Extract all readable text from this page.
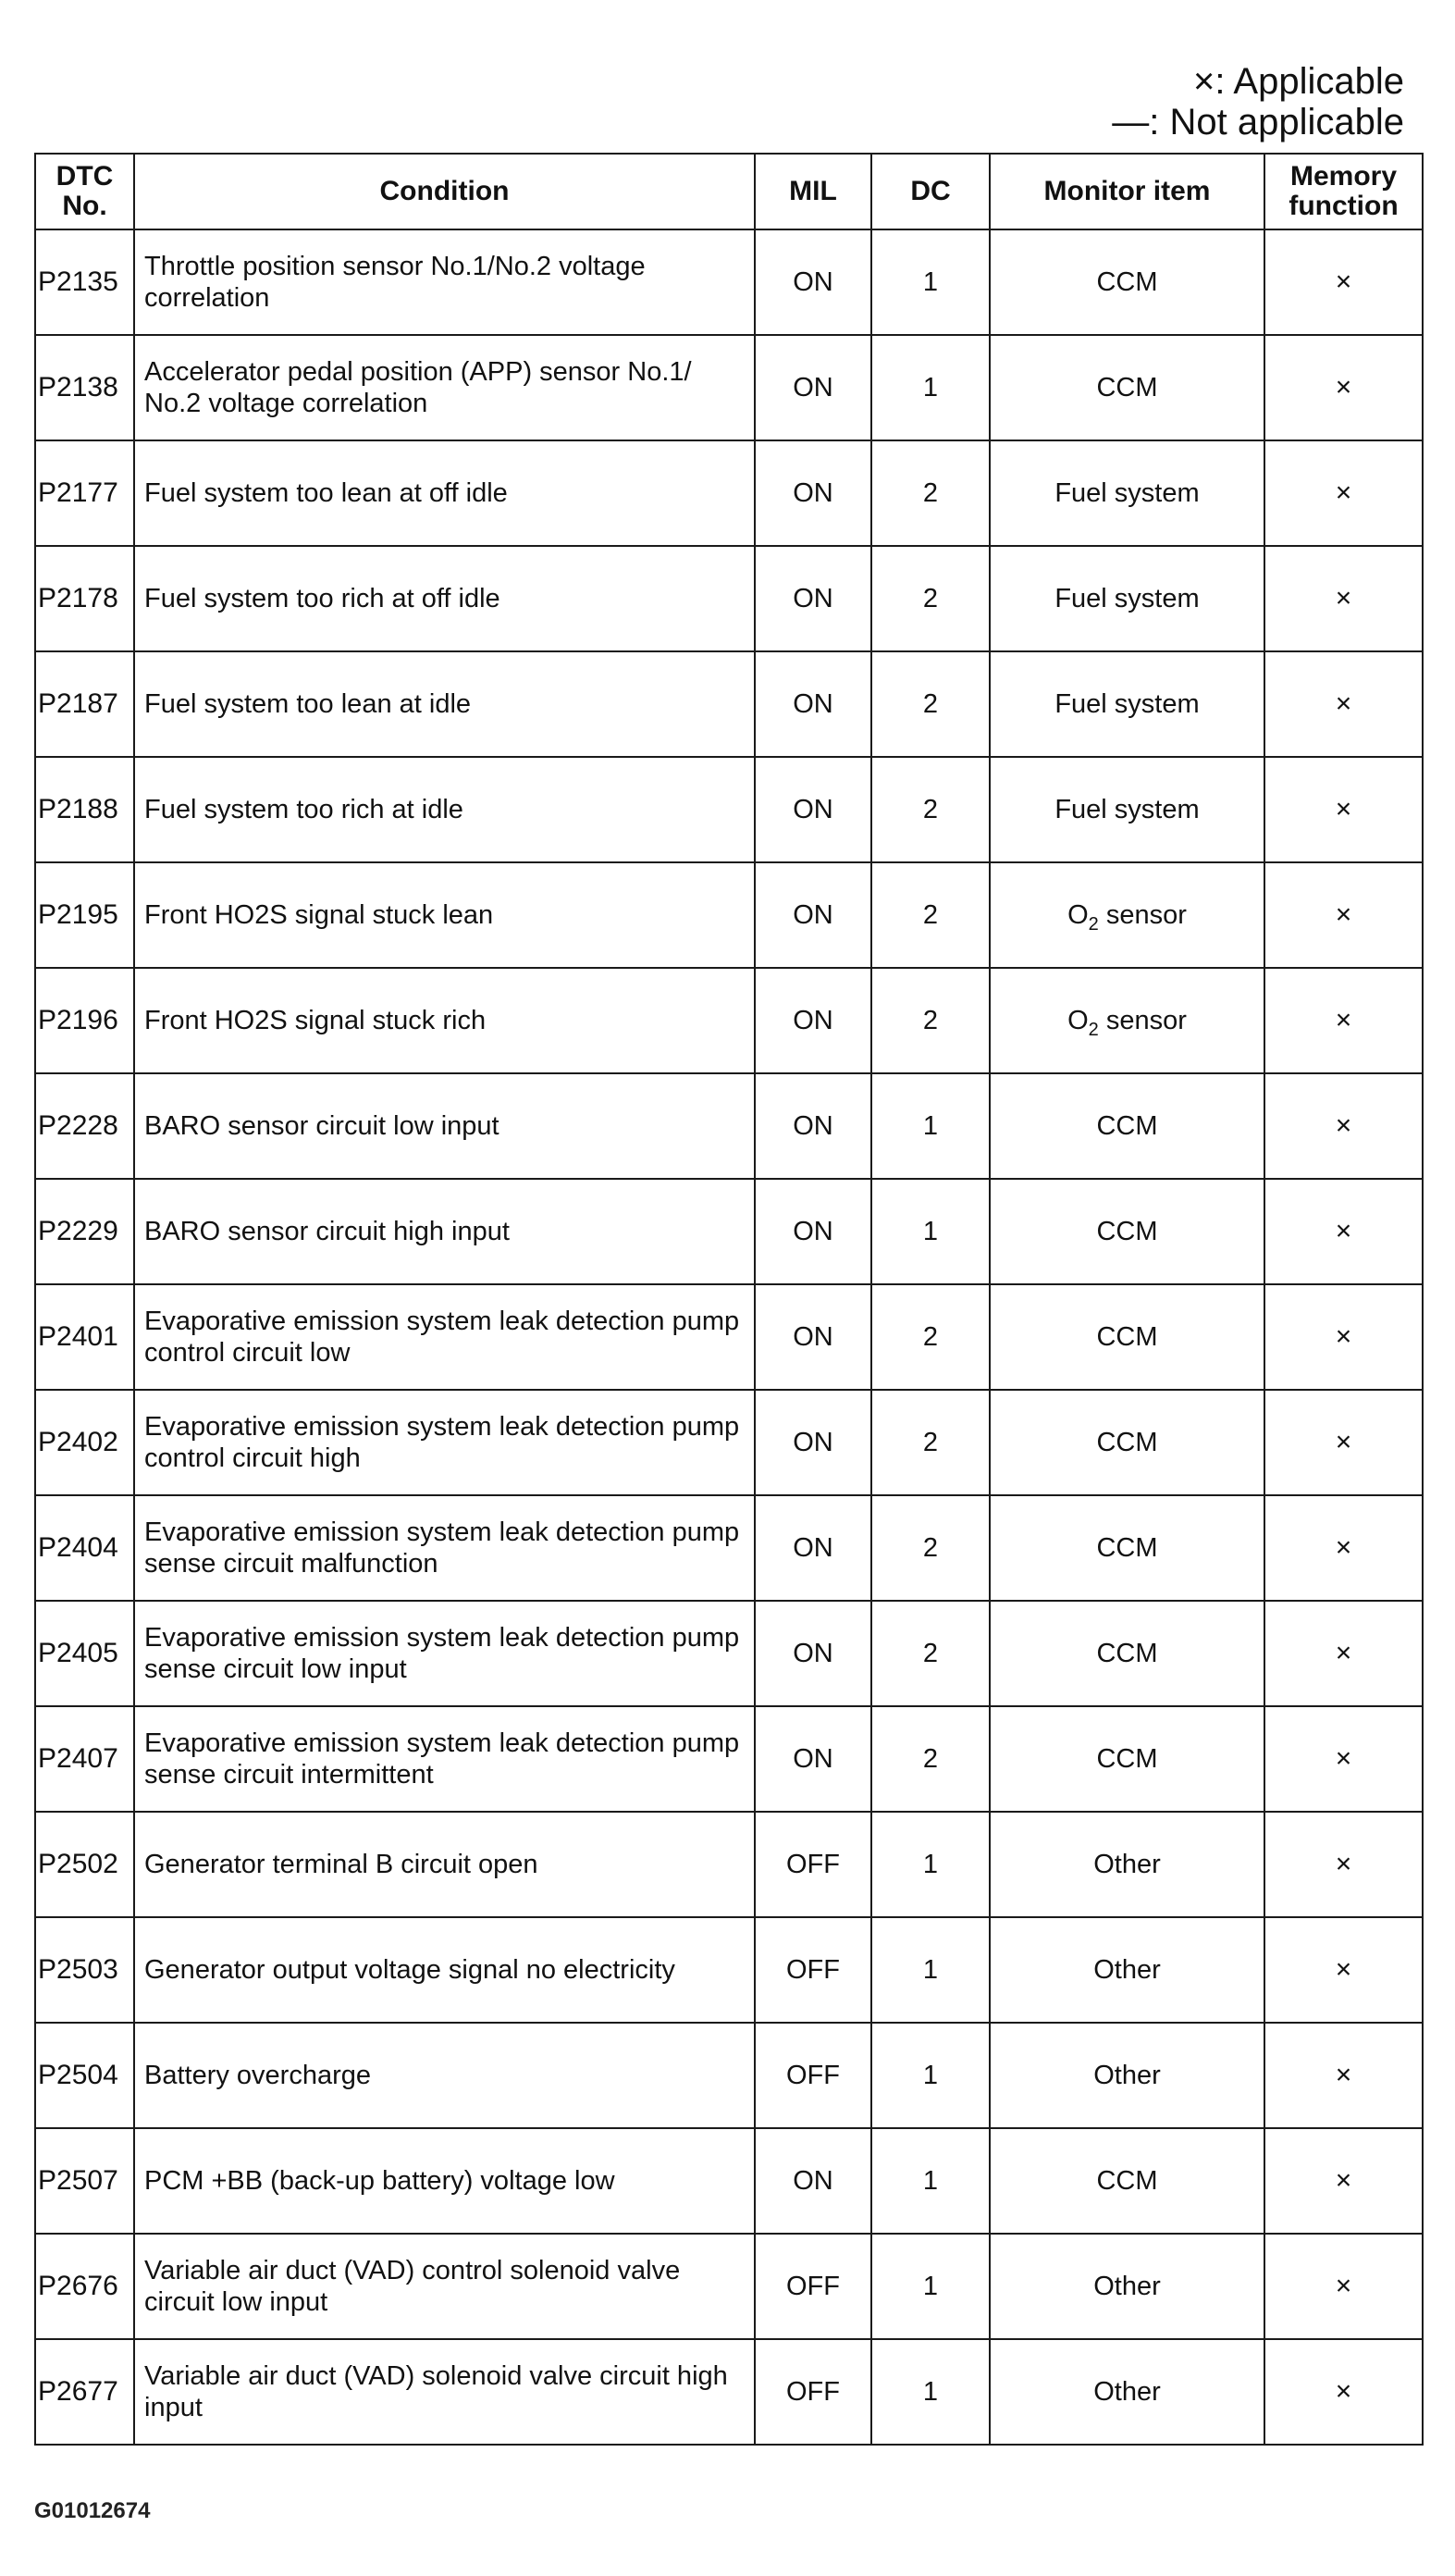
×: Applicable
—: Not applicable
DTC No.	Condition	MIL	DC	Monitor item	Memory function
P2135	Throttle position sensor No.1/No.2 voltage correlation	ON	1	CCM	×
P2138	Accelerator pedal position (APP) sensor No.1/ No.2 voltage correlation	ON	1	CCM	×
P2177	Fuel system too lean at off idle	ON	2	Fuel system	×
P2178	Fuel system too rich at off idle	ON	2	Fuel system	×
P2187	Fuel system too lean at idle	ON	2	Fuel system	×
P2188	Fuel system too rich at idle	ON	2	Fuel system	×
P2195	Front HO2S signal stuck lean	ON	2	$O_2$ sensor	×
P2196	Front HO2S signal stuck rich	ON	2	$O_2$ sensor	×
P2228	BARO sensor circuit low input	ON	1	CCM	×
P2229	BARO sensor circuit high input	ON	1	CCM	×
P2401	Evaporative emission system leak detection pump control circuit low	ON	2	CCM	×
P2402	Evaporative emission system leak detection pump control circuit high	ON	2	CCM	×
P2404	Evaporative emission system leak detection pump sense circuit malfunction	ON	2	CCM	×
P2405	Evaporative emission system leak detection pump sense circuit low input	ON	2	CCM	×
P2407	Evaporative emission system leak detection pump sense circuit intermittent	ON	2	CCM	×
P2502	Generator terminal B circuit open	OFF	1	Other	×
P2503	Generator output voltage signal no electricity	OFF	1	Other	×
P2504	Battery overcharge	OFF	1	Other	×
P2507	PCM +BB (back-up battery) voltage low	ON	1	CCM	×
P2676	Variable air duct (VAD) control solenoid valve circuit low input	OFF	1	Other	×
P2677	Variable air duct (VAD) solenoid valve circuit high input	OFF	1	Other	×
G01012674
